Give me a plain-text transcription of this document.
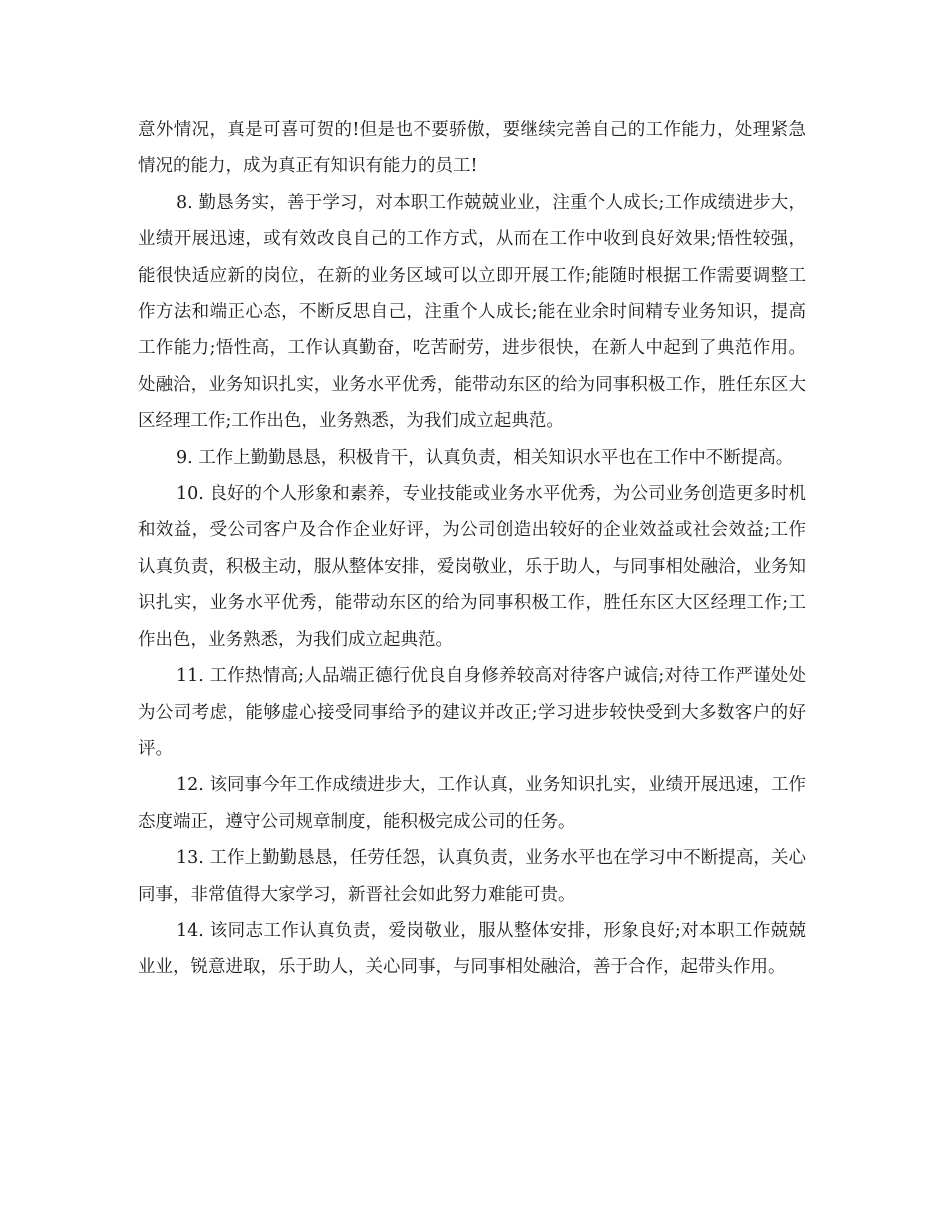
意外情况，真是可喜可贺的!但是也不要骄傲，要继续完善自己的工作能力，处理紧急情况的能力，成为真正有知识有能力的员工!

8. 勤恳务实，善于学习，对本职工作兢兢业业，注重个人成长;工作成绩进步大，业绩开展迅速，或有效改良自己的工作方式，从而在工作中收到良好效果;悟性较强，能很快适应新的岗位，在新的业务区域可以立即开展工作;能随时根据工作需要调整工作方法和端正心态，不断反思自己，注重个人成长;能在业余时间精专业务知识，提高工作能力;悟性高，工作认真勤奋，吃苦耐劳，进步很快，在新人中起到了典范作用。处融洽，业务知识扎实，业务水平优秀，能带动东区的给为同事积极工作，胜任东区大区经理工作;工作出色，业务熟悉，为我们成立起典范。

9. 工作上勤勤恳恳，积极肯干，认真负责，相关知识水平也在工作中不断提高。

10. 良好的个人形象和素养，专业技能或业务水平优秀，为公司业务创造更多时机和效益，受公司客户及合作企业好评，为公司创造出较好的企业效益或社会效益;工作认真负责，积极主动，服从整体安排，爱岗敬业，乐于助人，与同事相处融洽，业务知识扎实，业务水平优秀，能带动东区的给为同事积极工作，胜任东区大区经理工作;工作出色，业务熟悉，为我们成立起典范。

11. 工作热情高;人品端正德行优良自身修养较高对待客户诚信;对待工作严谨处处为公司考虑，能够虚心接受同事给予的建议并改正;学习进步较快受到大多数客户的好评。

12. 该同事今年工作成绩进步大，工作认真，业务知识扎实，业绩开展迅速，工作态度端正，遵守公司规章制度，能积极完成公司的任务。

13. 工作上勤勤恳恳，任劳任怨，认真负责，业务水平也在学习中不断提高，关心同事，非常值得大家学习，新晋社会如此努力难能可贵。

14. 该同志工作认真负责，爱岗敬业，服从整体安排，形象良好;对本职工作兢兢业业，锐意进取，乐于助人，关心同事，与同事相处融洽，善于合作，起带头作用。
